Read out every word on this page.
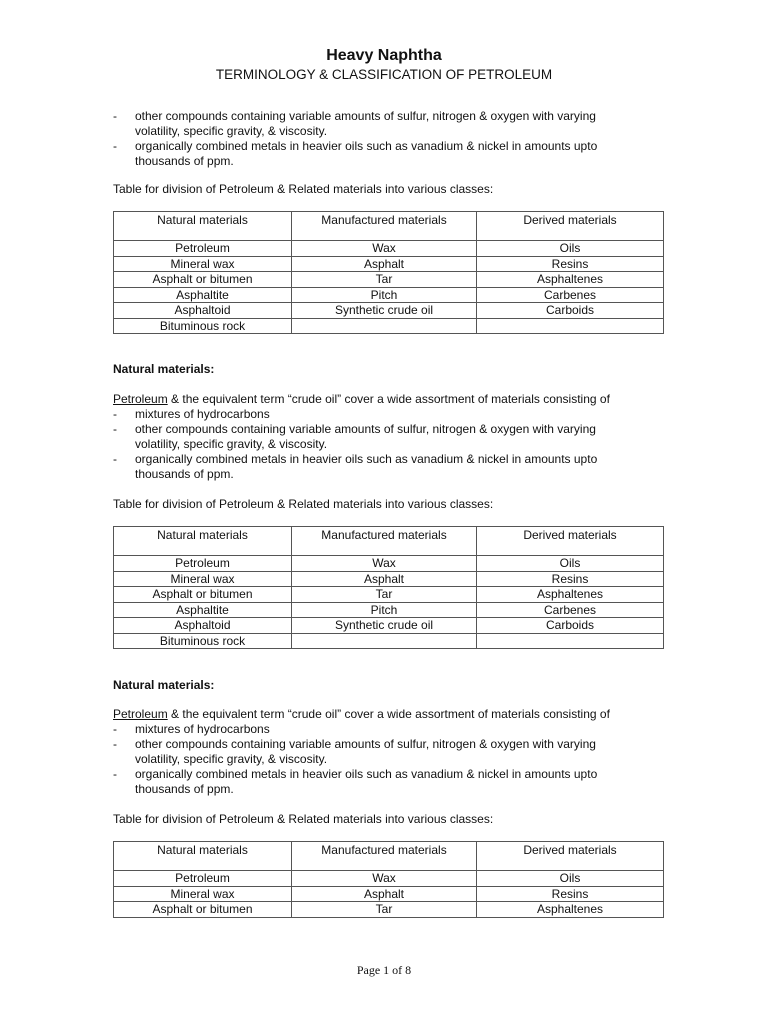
Heavy Naphtha
TERMINOLOGY & CLASSIFICATION OF PETROLEUM
- other compounds containing variable amounts of sulfur, nitrogen & oxygen with varying
volatility, specific gravity, & viscosity.
- organically combined metals in heavier oils such as vanadium & nickel in amounts upto
thousands of ppm.
Table for division of Petroleum & Related materials into various classes:
Natural materials	Manufactured materials	Derived materials
Petroleum	Wax	Oils
Mineral wax	Asphalt	Resins
Asphalt or bitumen	Tar	Asphaltenes
Asphaltite	Pitch	Carbenes
Asphaltoid	Synthetic crude oil	Carboids
Bituminous rock		
Natural materials:
Petroleum & the equivalent term “crude oil” cover a wide assortment of materials consisting of
- mixtures of hydrocarbons
- other compounds containing variable amounts of sulfur, nitrogen & oxygen with varying
volatility, specific gravity, & viscosity.
- organically combined metals in heavier oils such as vanadium & nickel in amounts upto
thousands of ppm.
Table for division of Petroleum & Related materials into various classes:
Natural materials	Manufactured materials	Derived materials
Petroleum	Wax	Oils
Mineral wax	Asphalt	Resins
Asphalt or bitumen	Tar	Asphaltenes
Asphaltite	Pitch	Carbenes
Asphaltoid	Synthetic crude oil	Carboids
Bituminous rock		
Natural materials:
Petroleum & the equivalent term “crude oil” cover a wide assortment of materials consisting of
- mixtures of hydrocarbons
- other compounds containing variable amounts of sulfur, nitrogen & oxygen with varying
volatility, specific gravity, & viscosity.
- organically combined metals in heavier oils such as vanadium & nickel in amounts upto
thousands of ppm.
Table for division of Petroleum & Related materials into various classes:
Natural materials	Manufactured materials	Derived materials
Petroleum	Wax	Oils
Mineral wax	Asphalt	Resins
Asphalt or bitumen	Tar	Asphaltenes
Page 1 of 8
